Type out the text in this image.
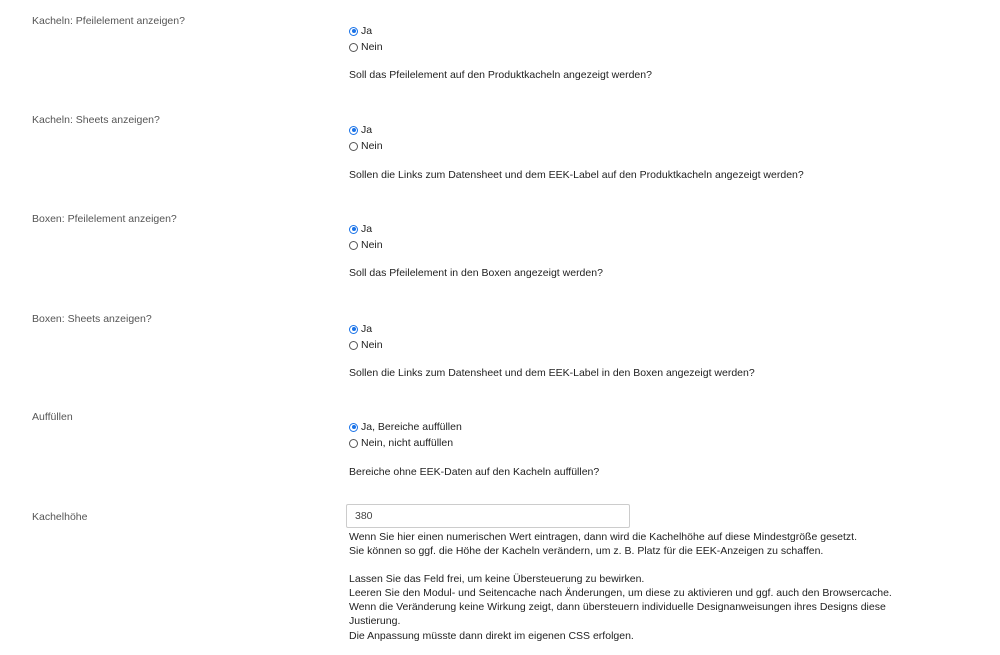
Kacheln: Pfeilelement anzeigen?
Ja
Nein
Soll das Pfeilelement auf den Produktkacheln angezeigt werden?
Kacheln: Sheets anzeigen?
Ja
Nein
Sollen die Links zum Datensheet und dem EEK-Label auf den Produktkacheln angezeigt werden?
Boxen: Pfeilelement anzeigen?
Ja
Nein
Soll das Pfeilelement in den Boxen angezeigt werden?
Boxen: Sheets anzeigen?
Ja
Nein
Sollen die Links zum Datensheet und dem EEK-Label in den Boxen angezeigt werden?
Auffüllen
Ja, Bereiche auffüllen
Nein, nicht auffüllen
Bereiche ohne EEK-Daten auf den Kacheln auffüllen?
Kachelhöhe
380

Wenn Sie hier einen numerischen Wert eintragen, dann wird die Kachelhöhe auf diese Mindestgröße gesetzt.

Sie können so ggf. die Höhe der Kacheln verändern, um z. B. Platz für die EEK-Anzeigen zu schaffen.

Lassen Sie das Feld frei, um keine Übersteuerung zu bewirken.

Leeren Sie den Modul- und Seitencache nach Änderungen, um diese zu aktivieren und ggf. auch den Browsercache.

Wenn die Veränderung keine Wirkung zeigt, dann übersteuern individuelle Designanweisungen ihres Designs diese

Justierung.

Die Anpassung müsste dann direkt im eigenen CSS erfolgen.
